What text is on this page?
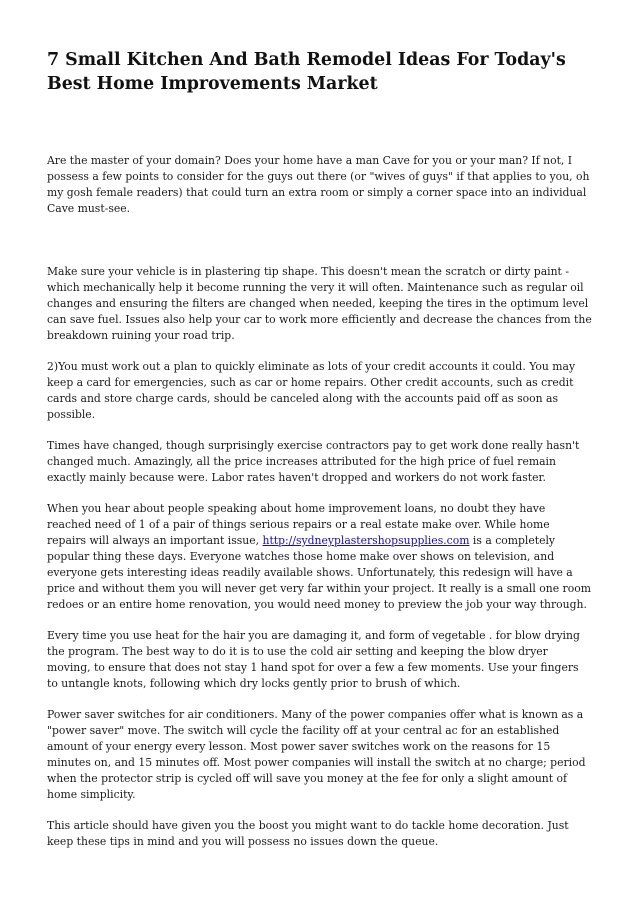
7 Small Kitchen And Bath Remodel Ideas For Today's Best Home Improvements Market

Are the master of your domain? Does your home have a man Cave for you or your man? If not, I possess a few points to consider for the guys out there (or "wives of guys" if that applies to you, oh my gosh female readers) that could turn an extra room or simply a corner space into an individual Cave must-see.

Make sure your vehicle is in plastering tip shape. This doesn't mean the scratch or dirty paint - which mechanically help it become running the very it will often. Maintenance such as regular oil changes and ensuring the filters are changed when needed, keeping the tires in the optimum level can save fuel. Issues also help your car to work more efficiently and decrease the chances from the breakdown ruining your road trip.

2)You must work out a plan to quickly eliminate as lots of your credit accounts it could. You may keep a card for emergencies, such as car or home repairs. Other credit accounts, such as credit cards and store charge cards, should be canceled along with the accounts paid off as soon as possible.

Times have changed, though surprisingly exercise contractors pay to get work done really hasn't changed much. Amazingly, all the price increases attributed for the high price of fuel remain exactly mainly because were. Labor rates haven't dropped and workers do not work faster.

When you hear about people speaking about home improvement loans, no doubt they have reached need of 1 of a pair of things serious repairs or a real estate make over. While home repairs will always an important issue, http://sydneyplastershopsupplies.com is a completely popular thing these days. Everyone watches those home make over shows on television, and everyone gets interesting ideas readily available shows. Unfortunately, this redesign will have a price and without them you will never get very far within your project. It really is a small one room redoes or an entire home renovation, you would need money to preview the job your way through.

Every time you use heat for the hair you are damaging it, and form of vegetable . for blow drying the program. The best way to do it is to use the cold air setting and keeping the blow dryer moving, to ensure that does not stay 1 hand spot for over a few a few moments. Use your fingers to untangle knots, following which dry locks gently prior to brush of which.

Power saver switches for air conditioners. Many of the power companies offer what is known as a "power saver" move. The switch will cycle the facility off at your central ac for an established amount of your energy every lesson. Most power saver switches work on the reasons for 15 minutes on, and 15 minutes off. Most power companies will install the switch at no charge; period when the protector strip is cycled off will save you money at the fee for only a slight amount of home simplicity.

This article should have given you the boost you might want to do tackle home decoration. Just keep these tips in mind and you will possess no issues down the queue.
